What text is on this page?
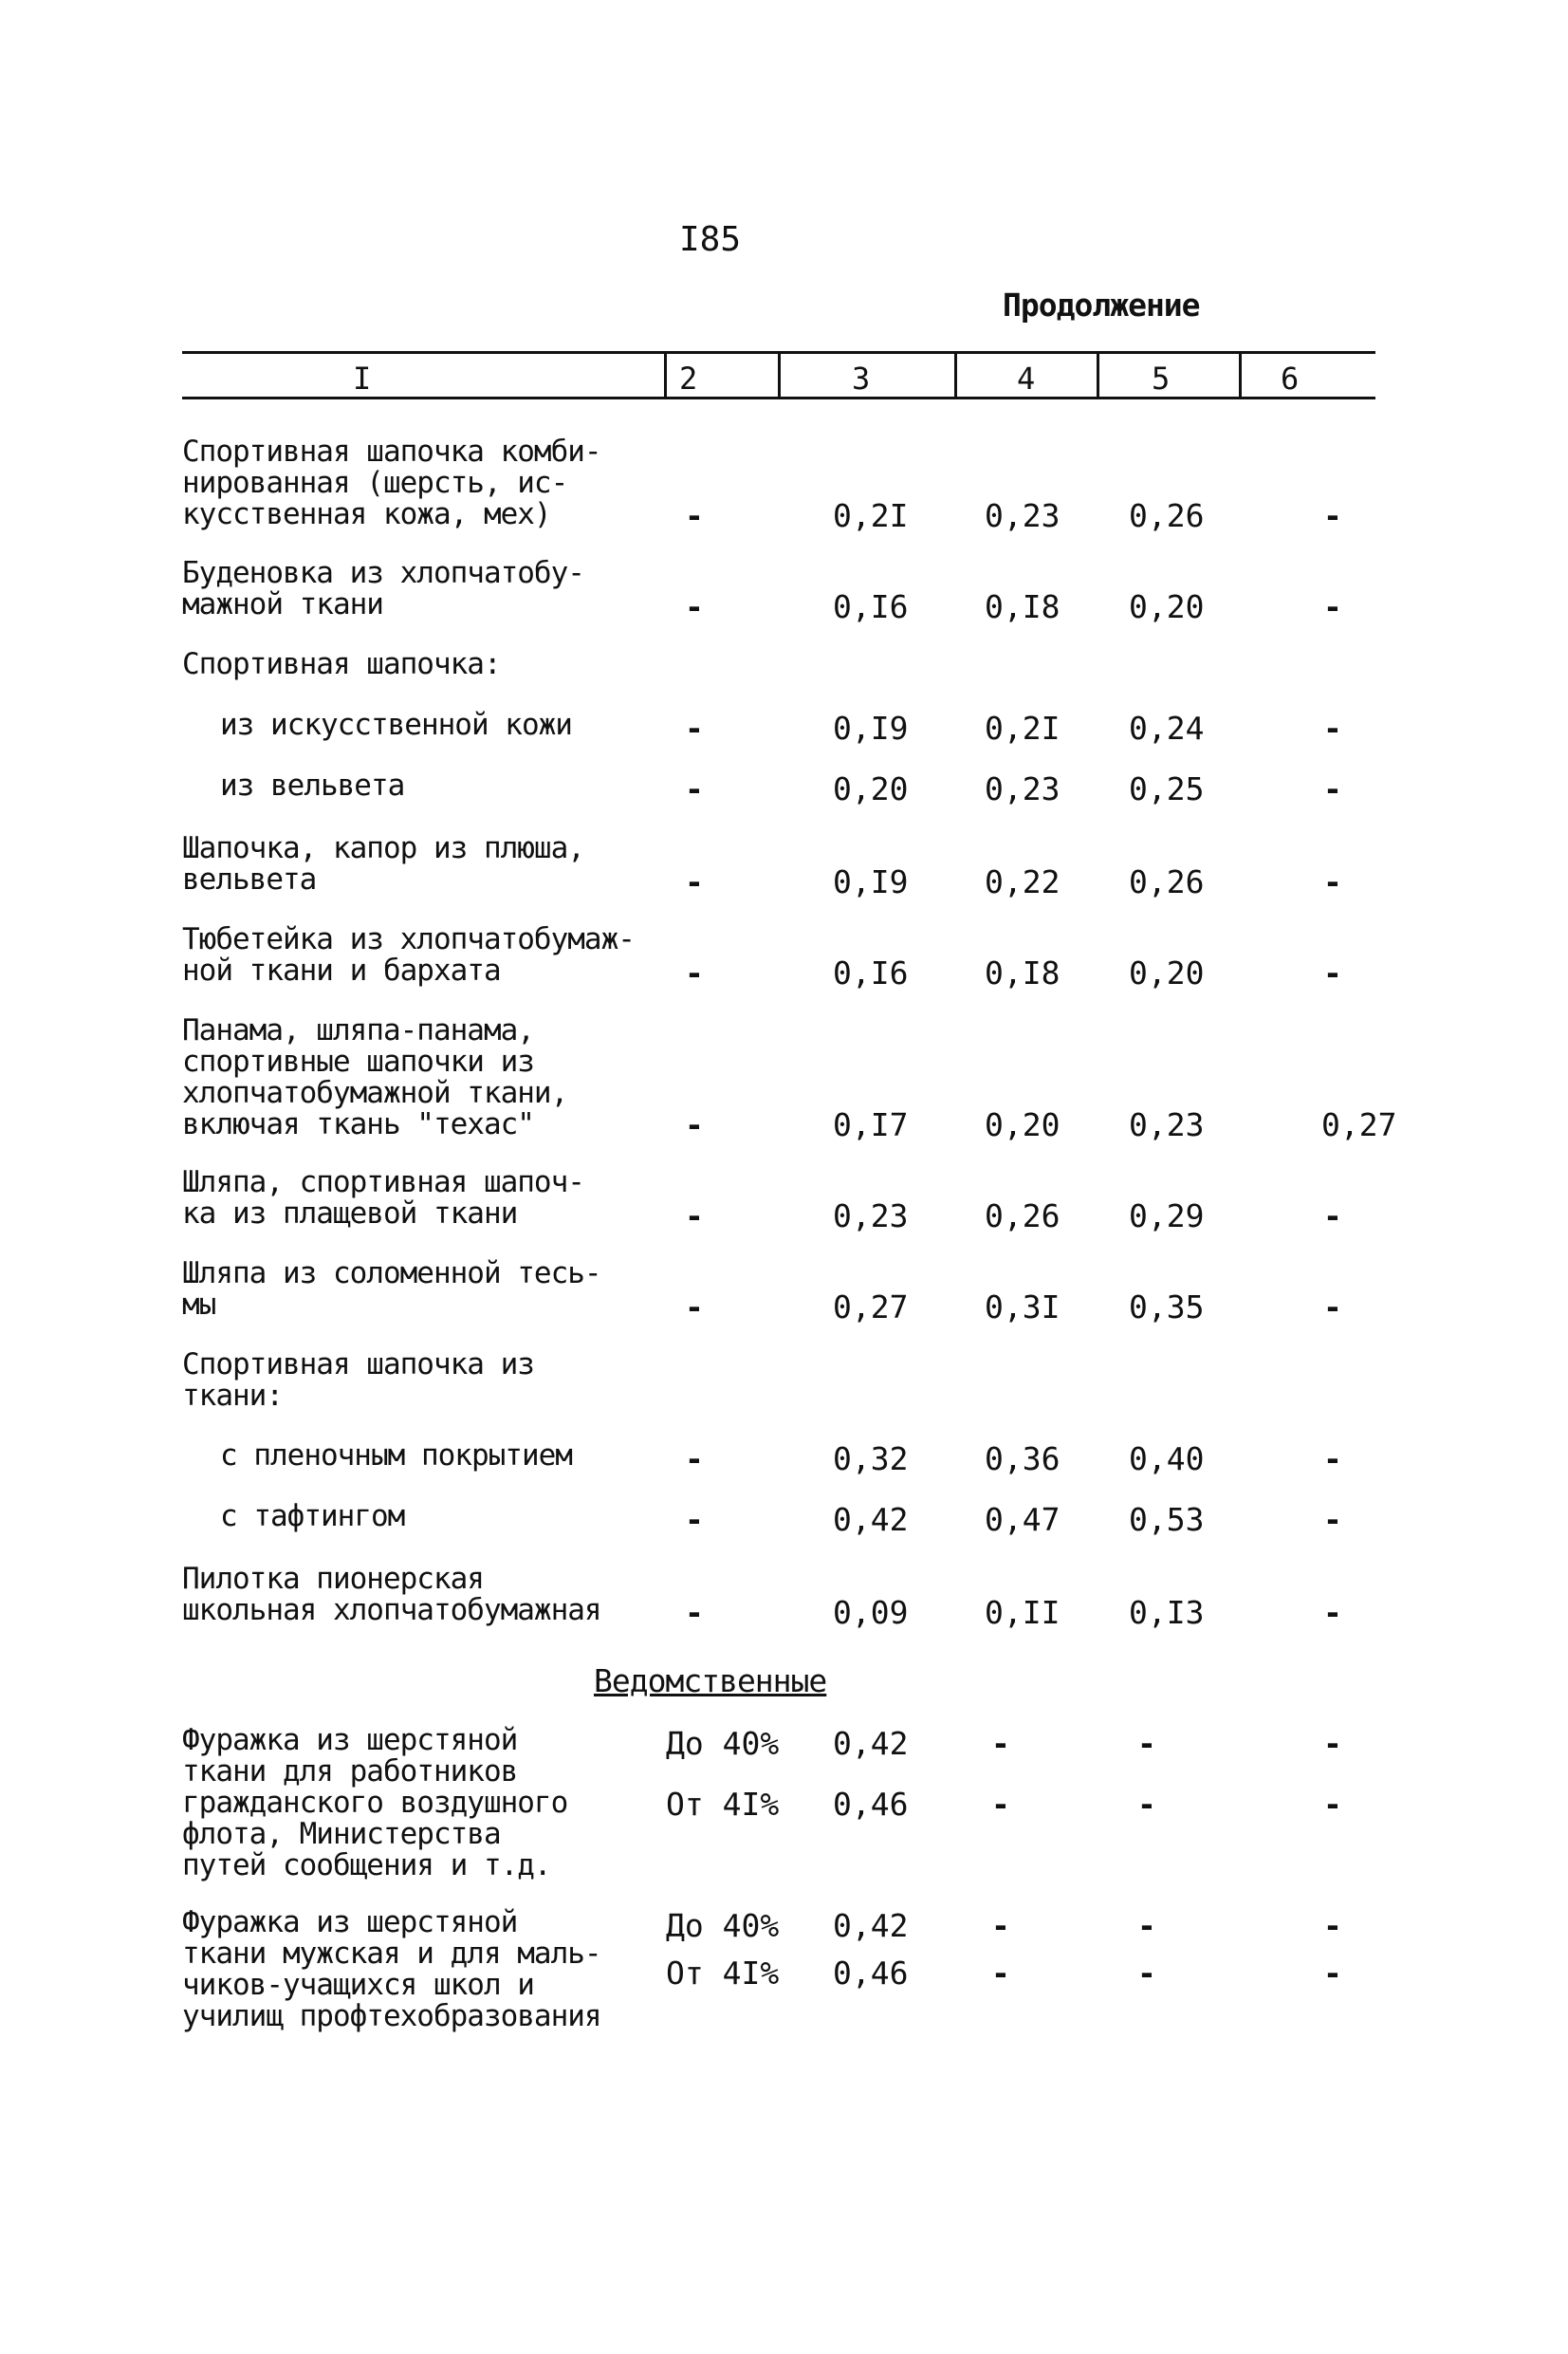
I85
Продолжение
I	2	3	4	5	6
Спортивная шапочка комби-
нированная (шерсть, ис-
кусственная кожа, мех)	-	0,2I 0,23 0,26	-
Буденовка из хлопчатобу-
мажной ткани	-	0,I6 0,I8 0,20	-
Спортивная шапочка:
из искусственной кожи	-	0,I9 0,2I 0,24	-
из вельвета	-	0,20 0,23 0,25	-
Шапочка, капор из плюша,
вельвета	-	0,I9 0,22 0,26	-
Тюбетейка из хлопчатобумаж-
ной ткани и бархата	-	0,I6 0,I8 0,20	-
Панама, шляпа-панама,
спортивные шапочки из
хлопчатобумажной ткани,
включая ткань "техас"	-	0,I7 0,20 0,23	0,27
Шляпа, спортивная шапоч-
ка из плащевой ткани	-	0,23 0,26 0,29	-
Шляпа из соломенной тесь-
мы	-	0,27 0,3I 0,35	-
Спортивная шапочка из
ткани:
с пленочным покрытием	-	0,32 0,36 0,40	-
с тафтингом	-	0,42 0,47 0,53	-
Пилотка пионерская
школьная хлопчатобумажная	-	0,09 0,II 0,I3	-
Ведомственные
Фуражка из шерстяной
ткани для работников
гражданского воздушного
флота, Министерства
путей сообщения и т.д.
До 40% 0,42	-	-	-
От 4I% 0,46	-	-	-
Фуражка из шерстяной
ткани мужская и для маль-
чиков-учащихся школ и
училищ профтехобразования
До 40% 0,42	-	-	-
От 4I% 0,46	-	-	-
